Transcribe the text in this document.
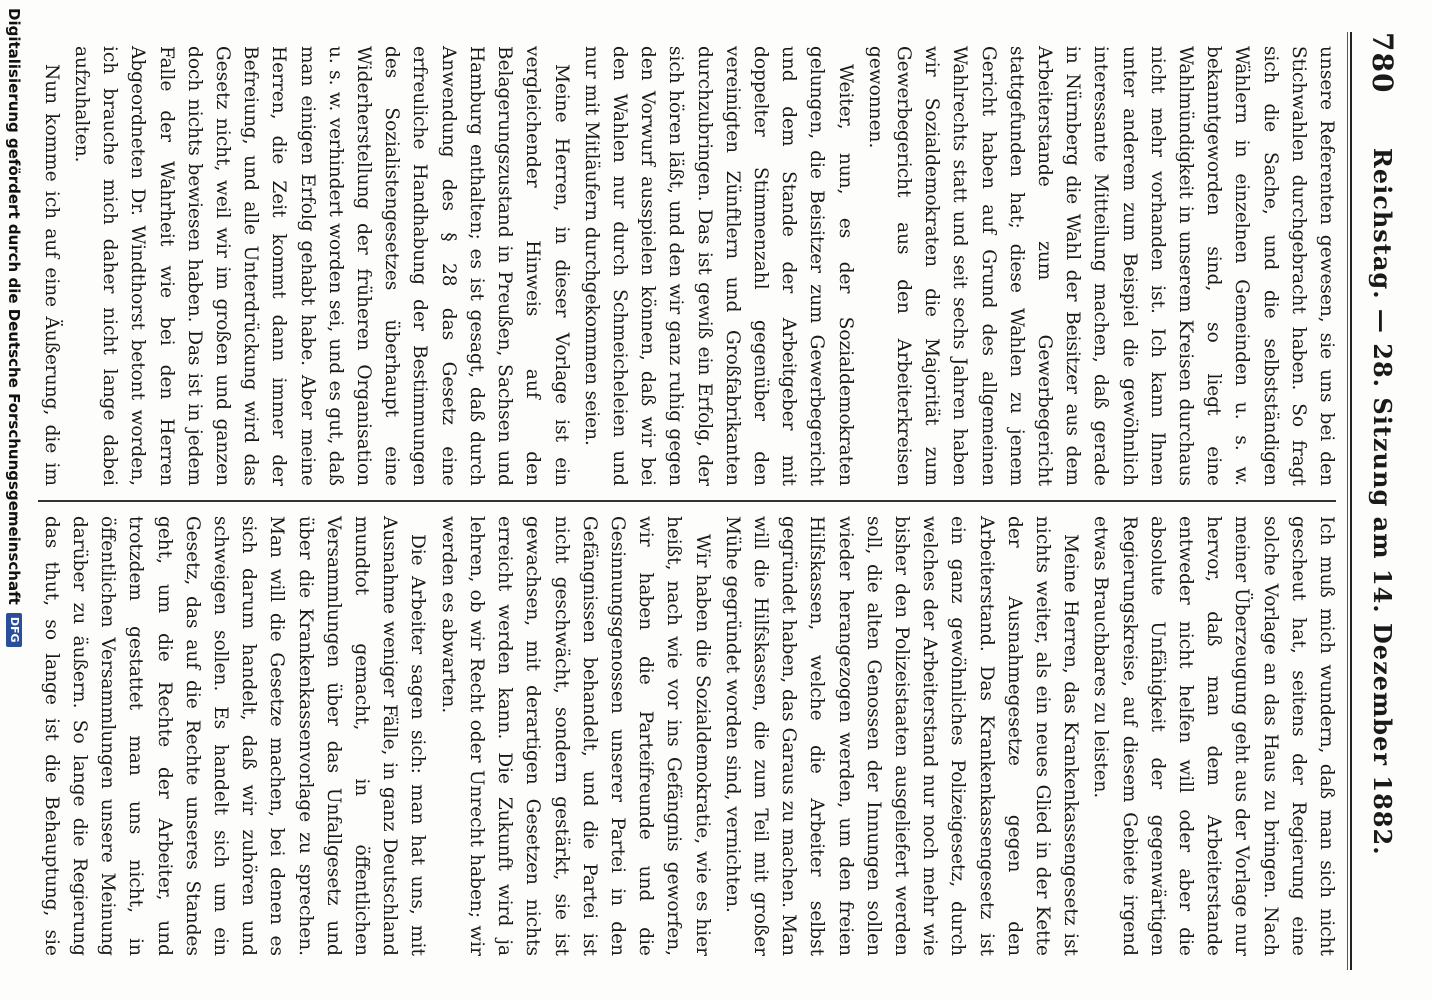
780
Reichstag. — 28. Sitzung am 14. Dezember 1882.

unsere Referenten gewesen, sie uns bei den Stichwahlen durchgebracht haben. So fragt sich die Sache, und die selbstständigen Wählern in einzelnen Gemeinden u. s. w. bekanntgeworden sind, so liegt eine Wahlmündigkeit in unserem Kreisen durchaus nicht mehr vorhanden ist. Ich kann Ihnen unter anderem zum Beispiel die gewöhnlich interessante Mitteilung machen, daß gerade in Nürnberg die Wahl der Beisitzer aus dem Arbeiterstande zum Gewerbegericht stattgefunden hat; diese Wahlen zu jenem Gericht haben auf Grund des allgemeinen Wahlrechts statt und seit sechs Jahren haben wir Sozialdemokraten die Majorität zum Gewerbegericht aus den Arbeiterkreisen gewonnen.

Weiter, nun, es der Sozialdemokraten gelungen, die Beisitzer zum Gewerbegericht und dem Stande der Arbeitgeber mit doppelter Stimmenzahl gegenüber den vereinigten Zünftlern und Großfabrikanten durchzubringen. Das ist gewiß ein Erfolg, der sich hören läßt, und den wir ganz ruhig gegen den Vorwurf ausspielen können, daß wir bei den Wahlen nur durch Schmeicheleien und nur mit Mitläufern durchgekommen seien.

Meine Herren, in dieser Vorlage ist ein vergleichender Hinweis auf den Belagerungszustand in Preußen, Sachsen und Hamburg enthalten; es ist gesagt, daß durch Anwendung des § 28 das Gesetz eine erfreuliche Handhabung der Bestimmungen des Sozialistengesetzes überhaupt eine Widerherstellung der früheren Organisation u. s. w. verhindert worden sei, und es gut, daß man einigen Erfolg gehabt habe. Aber meine Herren, die Zeit kommt dann immer der Befreiung, und alle Unterdrückung wird das Gesetz nicht, weil wir im großen und ganzen doch nichts bewiesen haben. Das ist in jedem Falle der Wahrheit wie bei den Herren Abgeordneten Dr. Windthorst betont worden, ich brauche mich daher nicht lange dabei aufzuhalten.

Nun komme ich auf eine Äußerung, die im

Ich muß mich wundern, daß man sich nicht gescheut hat, seitens der Regierung eine solche Vorlage an das Haus zu bringen. Nach meiner Überzeugung geht aus der Vorlage nur hervor, daß man dem Arbeiterstande entweder nicht helfen will oder aber die absolute Unfähigkeit der gegenwärtigen Regierungskreise, auf diesem Gebiete irgend etwas Brauchbares zu leisten.

Meine Herren, das Krankenkassengesetz ist nichts weiter, als ein neues Glied in der Kette der Ausnahmegesetze gegen den Arbeiterstand. Das Krankenkassengesetz ist ein ganz gewöhnliches Polizeigesetz, durch welches der Arbeiterstand nur noch mehr wie bisher den Polizeistaaten ausgeliefert werden soll, die alten Genossen der Innungen sollen wieder herangezogen werden, um den freien Hilfskassen, welche die Arbeiter selbst gegründet haben, das Garaus zu machen. Man will die Hilfskassen, die zum Teil mit großer Mühe gegründet worden sind, vernichten.

Wir haben die Sozialdemokratie, wie es hier heißt, nach wie vor ins Gefängnis geworfen, wir haben die Parteifreunde und die Gesinnungsgenossen unserer Partei in den Gefängnissen behandelt, und die Partei ist nicht geschwächt, sondern gestärkt, sie ist gewachsen, mit derartigen Gesetzen nichts erreicht werden kann. Die Zukunft wird ja lehren, ob wir Recht oder Unrecht haben; wir werden es abwarten.

Die Arbeiter sagen sich: man hat uns, mit Ausnahme weniger Fälle, in ganz Deutschland mundtot gemacht, in öffentlichen Versammlungen über das Unfallgesetz und über die Krankenkassenvorlage zu sprechen. Man will die Gesetze machen, bei denen es sich darum handelt, daß wir zuhören und schweigen sollen. Es handelt sich um ein Gesetz, das auf die Rechte unseres Standes geht, um die Rechte der Arbeiter, und trotzdem gestattet man uns nicht, in öffentlichen Versammlungen unsere Meinung darüber zu äußern. So lange die Regierung das thut, so lange ist die Behauptung, sie

Digitalisierung gefördert durch die Deutsche Forschungsgemeinschaft
DFG
